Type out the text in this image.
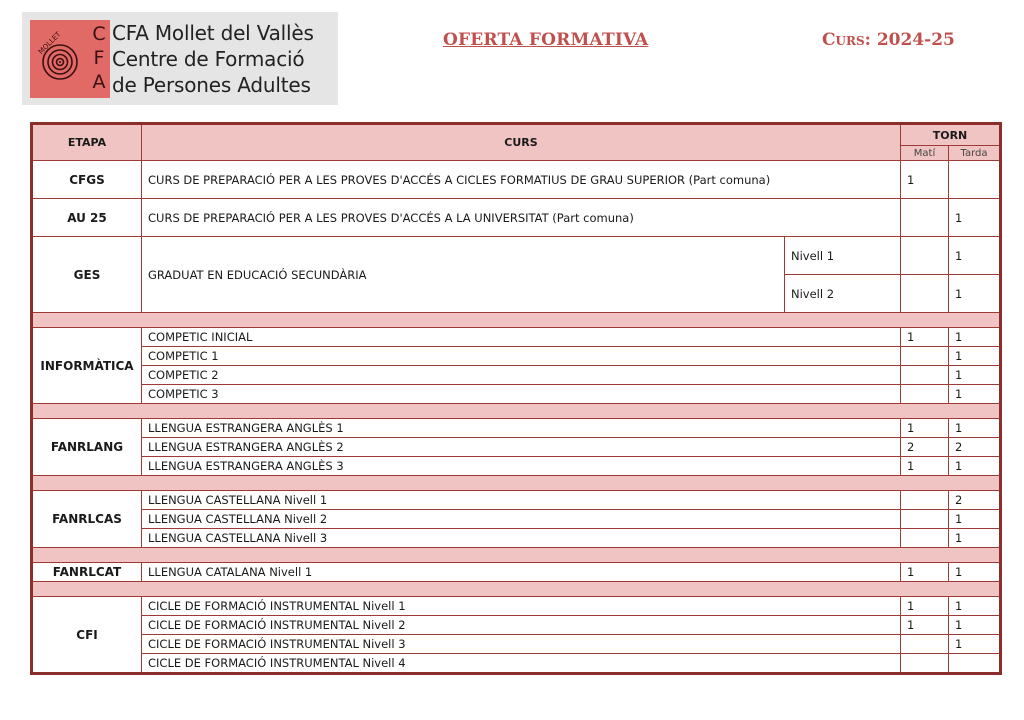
MOLLET C
F
A
CFA Mollet del Vallès
Centre de Formació
de Persones Adultes
OFERTA FORMATIVA	Curs: 2024-25
ETAPA	CURS		TORN	
			Matí	Tarda
CFGS	CURS DE PREPARACIÓ PER A LES PROVES D'ACCÉS A CICLES FORMATIUS DE GRAU SUPERIOR (Part comuna)		1	
AU 25	CURS DE PREPARACIÓ PER A LES PROVES D'ACCÉS A LA UNIVERSITAT (Part comuna)			1
GES	GRADUAT EN EDUCACIÓ SECUNDÀRIA	Nivell 1		1
		Nivell 2		1

INFORMÀTICA	COMPETIC INICIAL		1	1
	COMPETIC 1			1
	COMPETIC 2			1
	COMPETIC 3			1

FANRLANG	LLENGUA ESTRANGERA ANGLÈS 1		1	1
	LLENGUA ESTRANGERA ANGLÈS 2		2	2
	LLENGUA ESTRANGERA ANGLÈS 3		1	1

FANRLCAS	LLENGUA CASTELLANA Nivell 1			2
	LLENGUA CASTELLANA Nivell 2			1
	LLENGUA CASTELLANA Nivell 3			1

FANRLCAT	LLENGUA CATALANA Nivell 1		1	1

CFI	CICLE DE FORMACIÓ INSTRUMENTAL Nivell 1		1	1
	CICLE DE FORMACIÓ INSTRUMENTAL Nivell 2		1	1
	CICLE DE FORMACIÓ INSTRUMENTAL Nivell 3			1
	CICLE DE FORMACIÓ INSTRUMENTAL Nivell 4			
